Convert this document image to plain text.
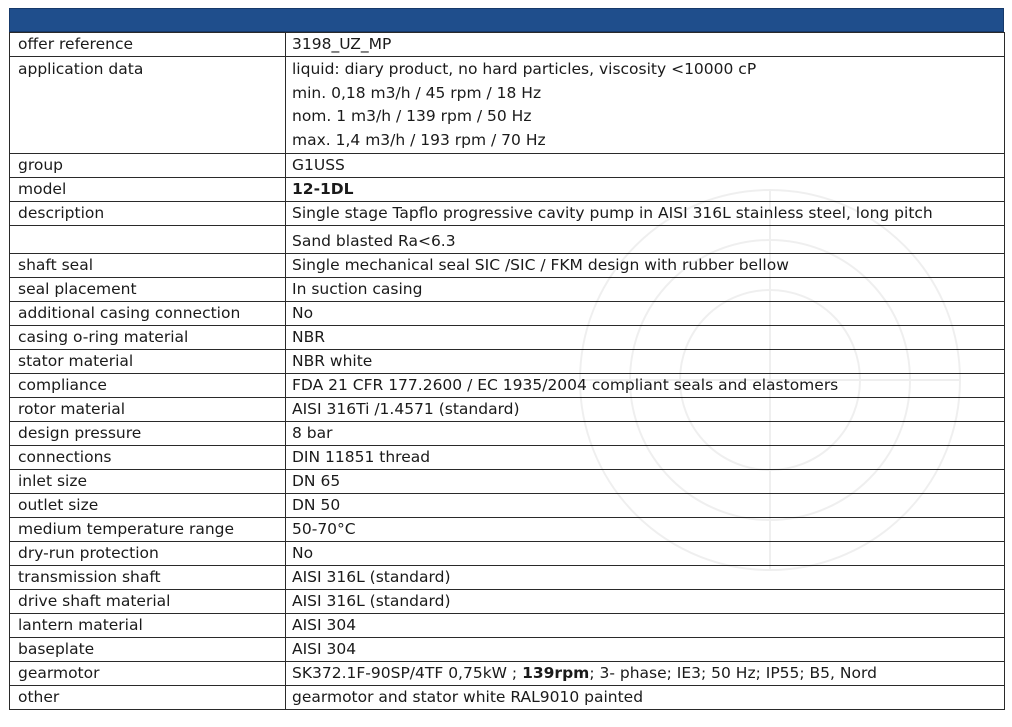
offer reference	3198_UZ_MP
application data	liquid: diary product, no hard particles, viscosity <10000 cP
min. 0,18 m3/h / 45 rpm / 18 Hz
nom. 1 m3/h / 139 rpm / 50 Hz
max. 1,4 m3/h / 193 rpm / 70 Hz

group	G1USS
model	12-1DL
description	Single stage Tapflo progressive cavity pump in AISI 316L stainless steel, long pitch
	Sand blasted Ra<6.3
shaft seal	Single mechanical seal SIC /SIC / FKM design with rubber bellow
seal placement	In suction casing
additional casing connection	No
casing o-ring material	NBR
stator material	NBR white
compliance	FDA 21 CFR 177.2600 / EC 1935/2004 compliant seals and elastomers
rotor material	AISI 316Ti /1.4571 (standard)
design pressure	8 bar
connections	DIN 11851 thread
inlet size	DN 65
outlet size	DN 50
medium temperature range	50-70°C
dry-run protection	No
transmission shaft	AISI 316L (standard)
drive shaft material	AISI 316L (standard)
lantern material	AISI 304
baseplate	AISI 304
gearmotor	SK372.1F-90SP/4TF 0,75kW ; 139rpm; 3- phase; IE3; 50 Hz; IP55; B5, Nord
other	gearmotor and stator white RAL9010 painted
